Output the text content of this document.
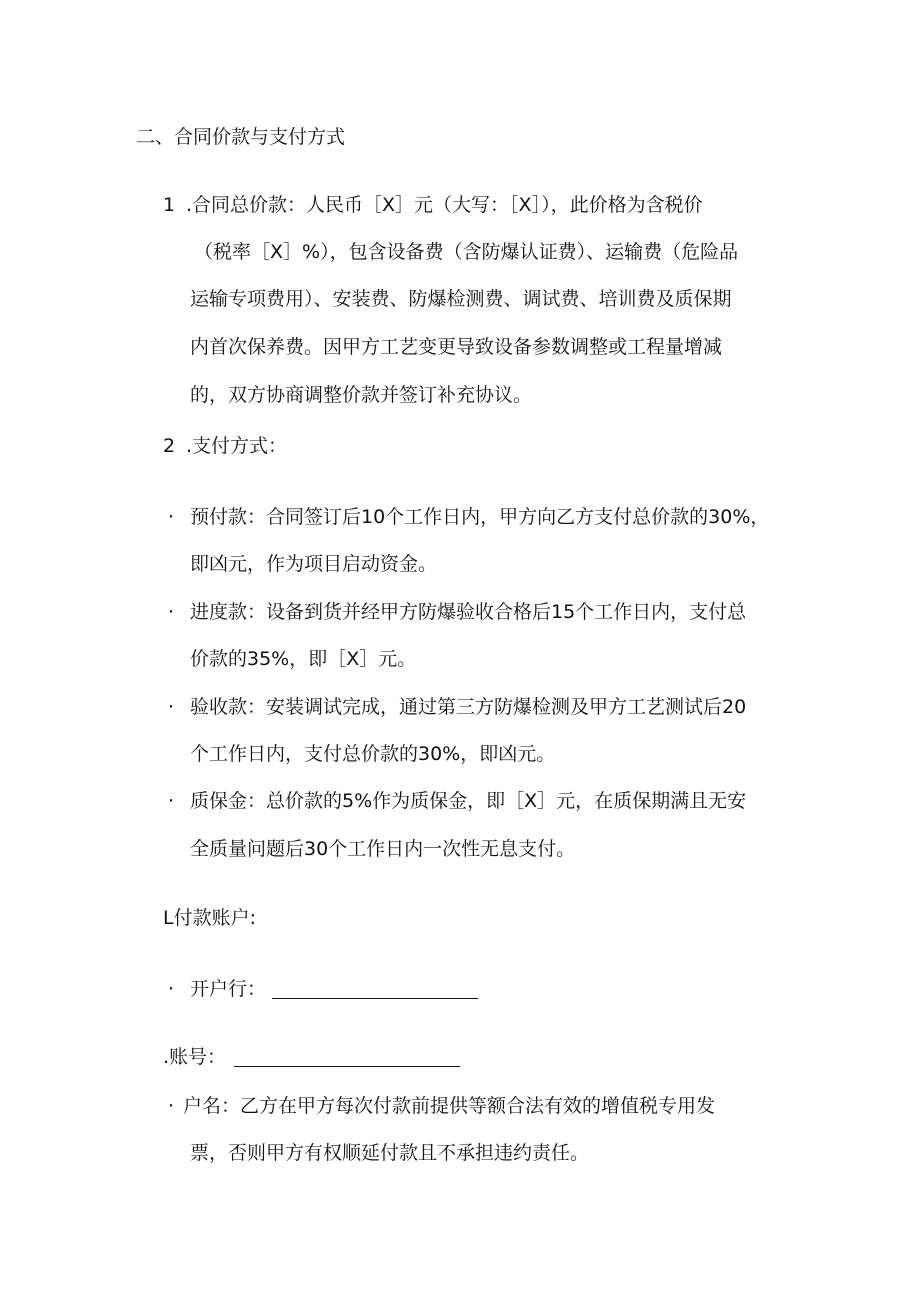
二、合同价款与支付方式
1 .合同总价款：人民币［X］元（大写：［X］），此价格为含税价
（税率［X］%），包含设备费（含防爆认证费）、运输费（危险品
运输专项费用）、安装费、防爆检测费、调试费、培训费及质保期
内首次保养费。因甲方工艺变更导致设备参数调整或工程量增减
的，双方协商调整价款并签订补充协议。
2 .支付方式：
· 预付款：合同签订后10个工作日内，甲方向乙方支付总价款的30%，
即凶元，作为项目启动资金。
· 进度款：设备到货并经甲方防爆验收合格后15个工作日内，支付总
价款的35%，即［X］元。
· 验收款：安装调试完成，通过第三方防爆检测及甲方工艺测试后20
个工作日内，支付总价款的30%，即凶元。
· 质保金：总价款的5%作为质保金，即［X］元，在质保期满且无安
全质量问题后30个工作日内一次性无息支付。
L付款账户:
· 开户行：
.账号：
· 户名：乙方在甲方每次付款前提供等额合法有效的增值税专用发
票，否则甲方有权顺延付款且不承担违约责任。
